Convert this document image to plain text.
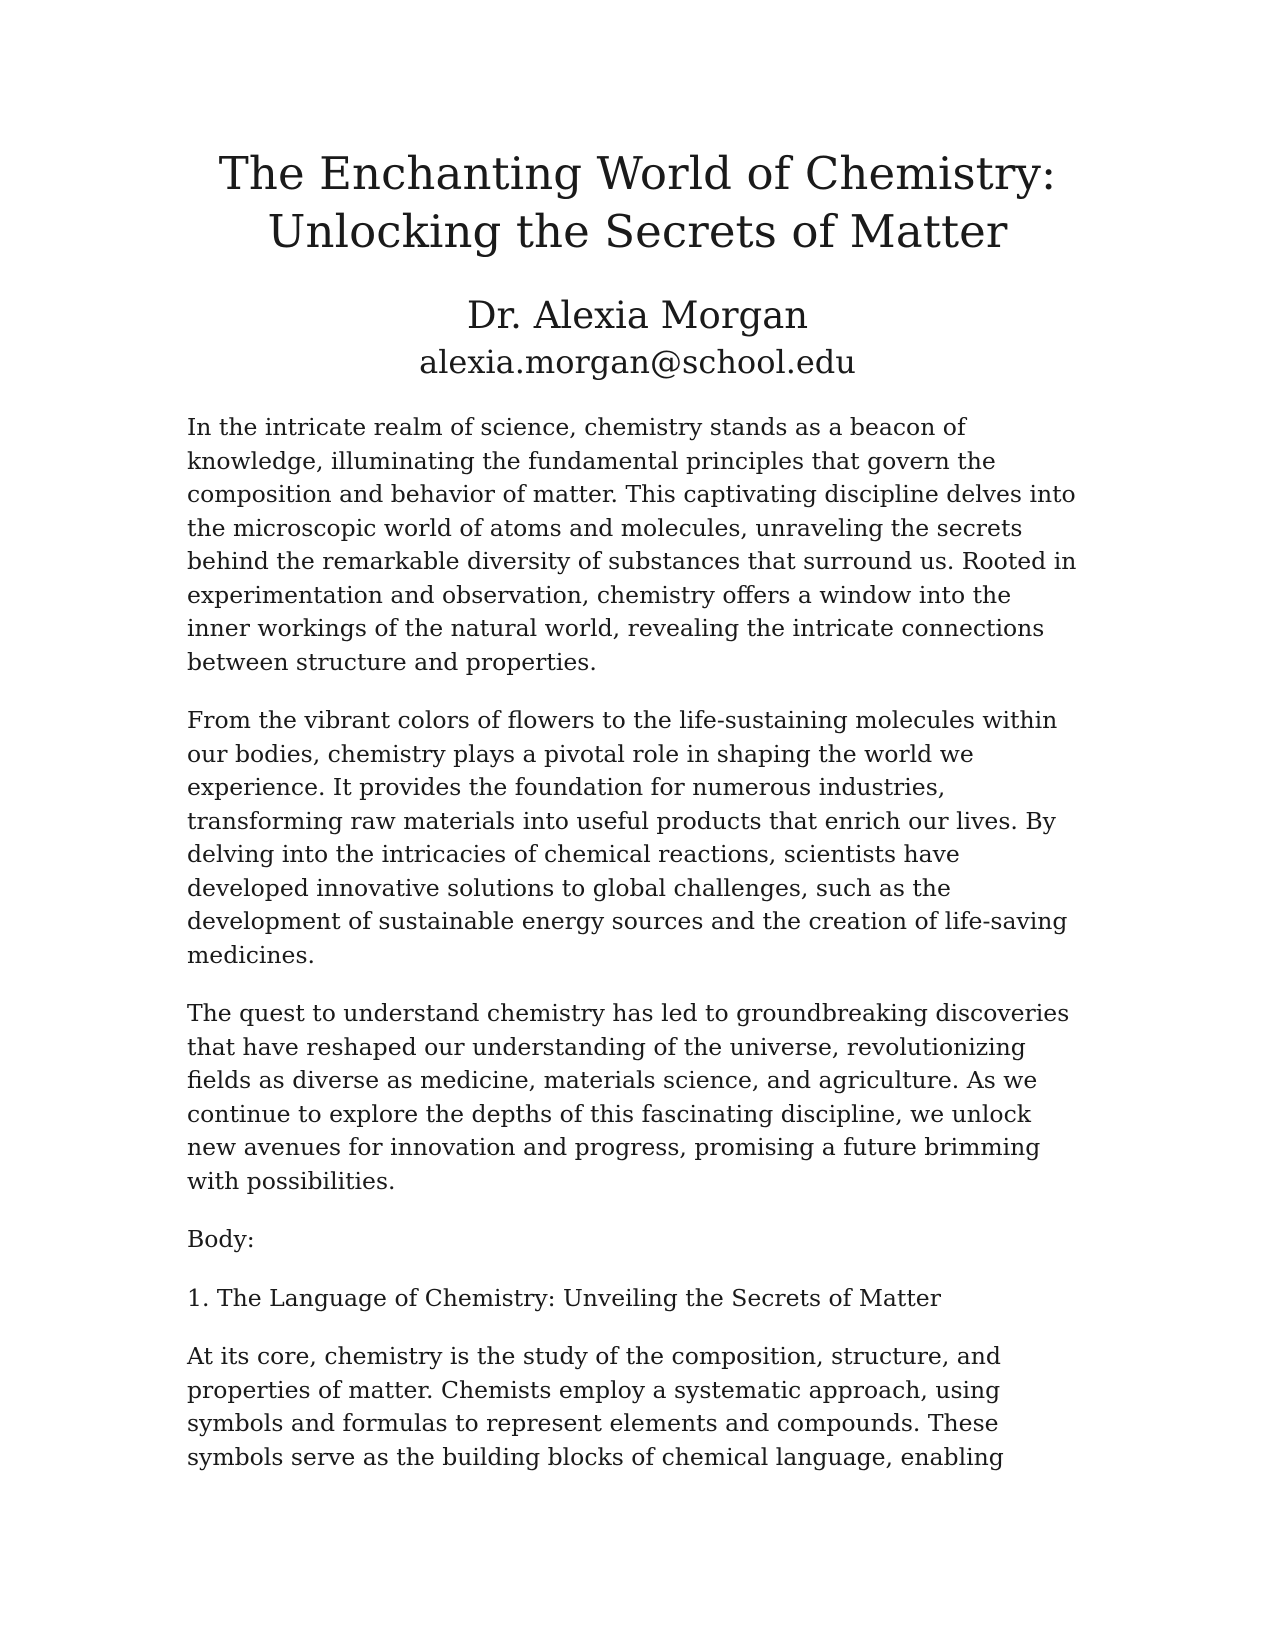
The Enchanting World of Chemistry: Unlocking the Secrets of Matter
Dr. Alexia Morgan
alexia.morgan@school.edu

In the intricate realm of science, chemistry stands as a beacon of knowledge, illuminating the fundamental principles that govern the composition and behavior of matter. This captivating discipline delves into the microscopic world of atoms and molecules, unraveling the secrets behind the remarkable diversity of substances that surround us. Rooted in experimentation and observation, chemistry offers a window into the inner workings of the natural world, revealing the intricate connections between structure and properties.

From the vibrant colors of flowers to the life-sustaining molecules within our bodies, chemistry plays a pivotal role in shaping the world we experience. It provides the foundation for numerous industries, transforming raw materials into useful products that enrich our lives. By delving into the intricacies of chemical reactions, scientists have developed innovative solutions to global challenges, such as the development of sustainable energy sources and the creation of life-saving medicines.

The quest to understand chemistry has led to groundbreaking discoveries that have reshaped our understanding of the universe, revolutionizing fields as diverse as medicine, materials science, and agriculture. As we continue to explore the depths of this fascinating discipline, we unlock new avenues for innovation and progress, promising a future brimming with possibilities.

Body:

1. The Language of Chemistry: Unveiling the Secrets of Matter

At its core, chemistry is the study of the composition, structure, and properties of matter. Chemists employ a systematic approach, using symbols and formulas to represent elements and compounds. These symbols serve as the building blocks of chemical language, enabling
